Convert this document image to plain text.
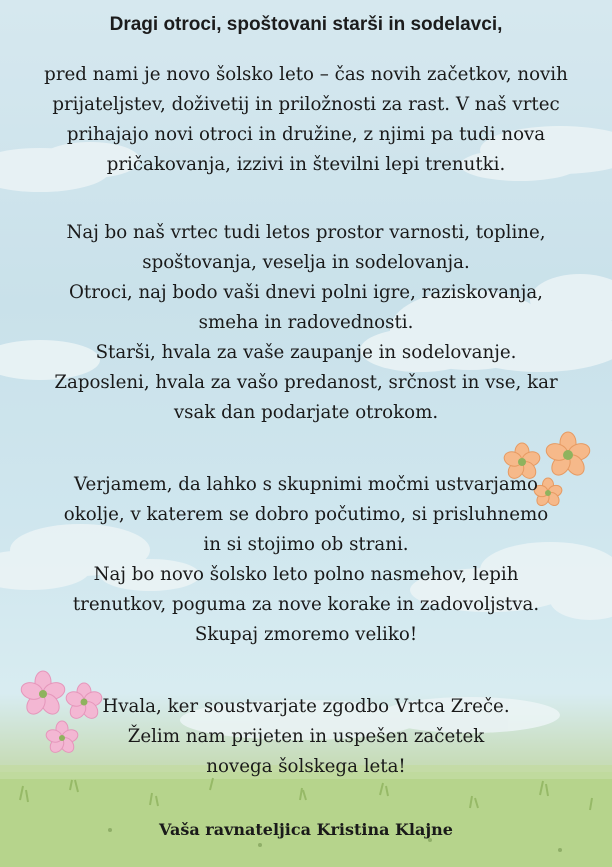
Dragi otroci, spoštovani starši in sodelavci,

pred nami je novo šolsko leto – čas novih začetkov, novih
prijateljstev, doživetij in priložnosti za rast. V naš vrtec
prihajajo novi otroci in družine, z njimi pa tudi nova
pričakovanja, izzivi in številni lepi trenutki.

Naj bo naš vrtec tudi letos prostor varnosti, topline,
spoštovanja, veselja in sodelovanja.
Otroci, naj bodo vaši dnevi polni igre, raziskovanja,
smeha in radovednosti.
Starši, hvala za vaše zaupanje in sodelovanje.
Zaposleni, hvala za vašo predanost, srčnost in vse, kar
vsak dan podarjate otrokom.

Verjamem, da lahko s skupnimi močmi ustvarjamo
okolje, v katerem se dobro počutimo, si prisluhnemo
in si stojimo ob strani.
Naj bo novo šolsko leto polno nasmehov, lepih
trenutkov, poguma za nove korake in zadovoljstva.
Skupaj zmoremo veliko!

Hvala, ker soustvarjate zgodbo Vrtca Zreče.
Želim nam prijeten in uspešen začetek
novega šolskega leta!

Vaša ravnateljica Kristina Klajne
